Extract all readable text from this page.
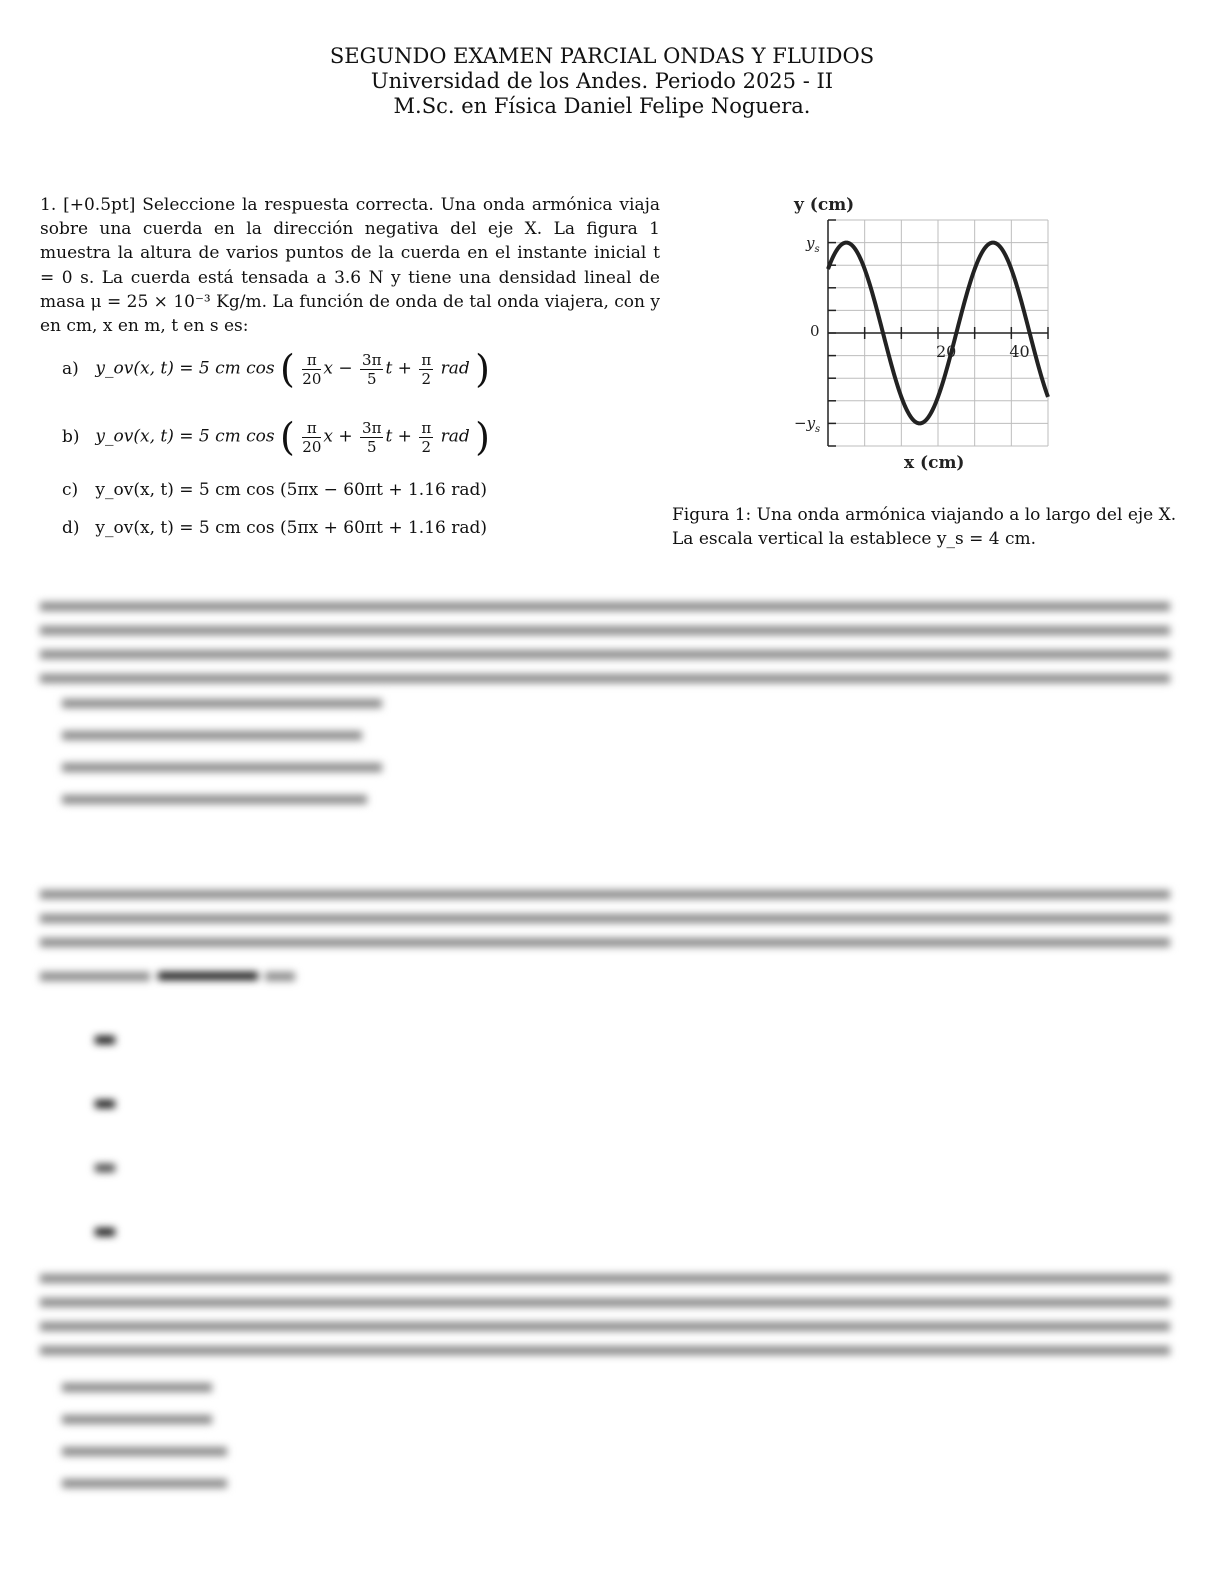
SEGUNDO EXAMEN PARCIAL ONDAS Y FLUIDOS
Universidad de los Andes. Periodo 2025 - II
M.Sc. en Física Daniel Felipe Noguera.

1. [+0.5pt] Seleccione la respuesta correcta. Una onda armónica viaja sobre una cuerda en la dirección negativa del eje X. La figura 1 muestra la altura de varios puntos de la cuerda en el instante inicial t = 0 s. La cuerda está tensada a 3.6 N y tiene una densidad lineal de masa μ = 25 × 10⁻³ Kg/m. La función de onda de tal onda viajera, con y en cm, x en m, t en s es:

a) y_ov(x, t) = 5 cm cos ( $\frac{\pi}{20}$ $x - \frac{3\pi}{5}$ $t + \frac{\pi}{2}$ rad )
b) y_ov(x, t) = 5 cm cos ( $\frac{\pi}{20}$ $x + \frac{3\pi}{5}$ $t + \frac{\pi}{2}$ rad )
c) y_ov(x, t) = 5 cm cos (5πx − 60πt + 1.16 rad)
d) y_ov(x, t) = 5 cm cos (5πx + 60πt + 1.16 rad)
y (cm)
x (cm)
$y_s$
0
$-y_s$
20	40
Figura 1: Una onda armónica viajando a lo largo del eje X. La escala vertical la establece y_s = 4 cm.
